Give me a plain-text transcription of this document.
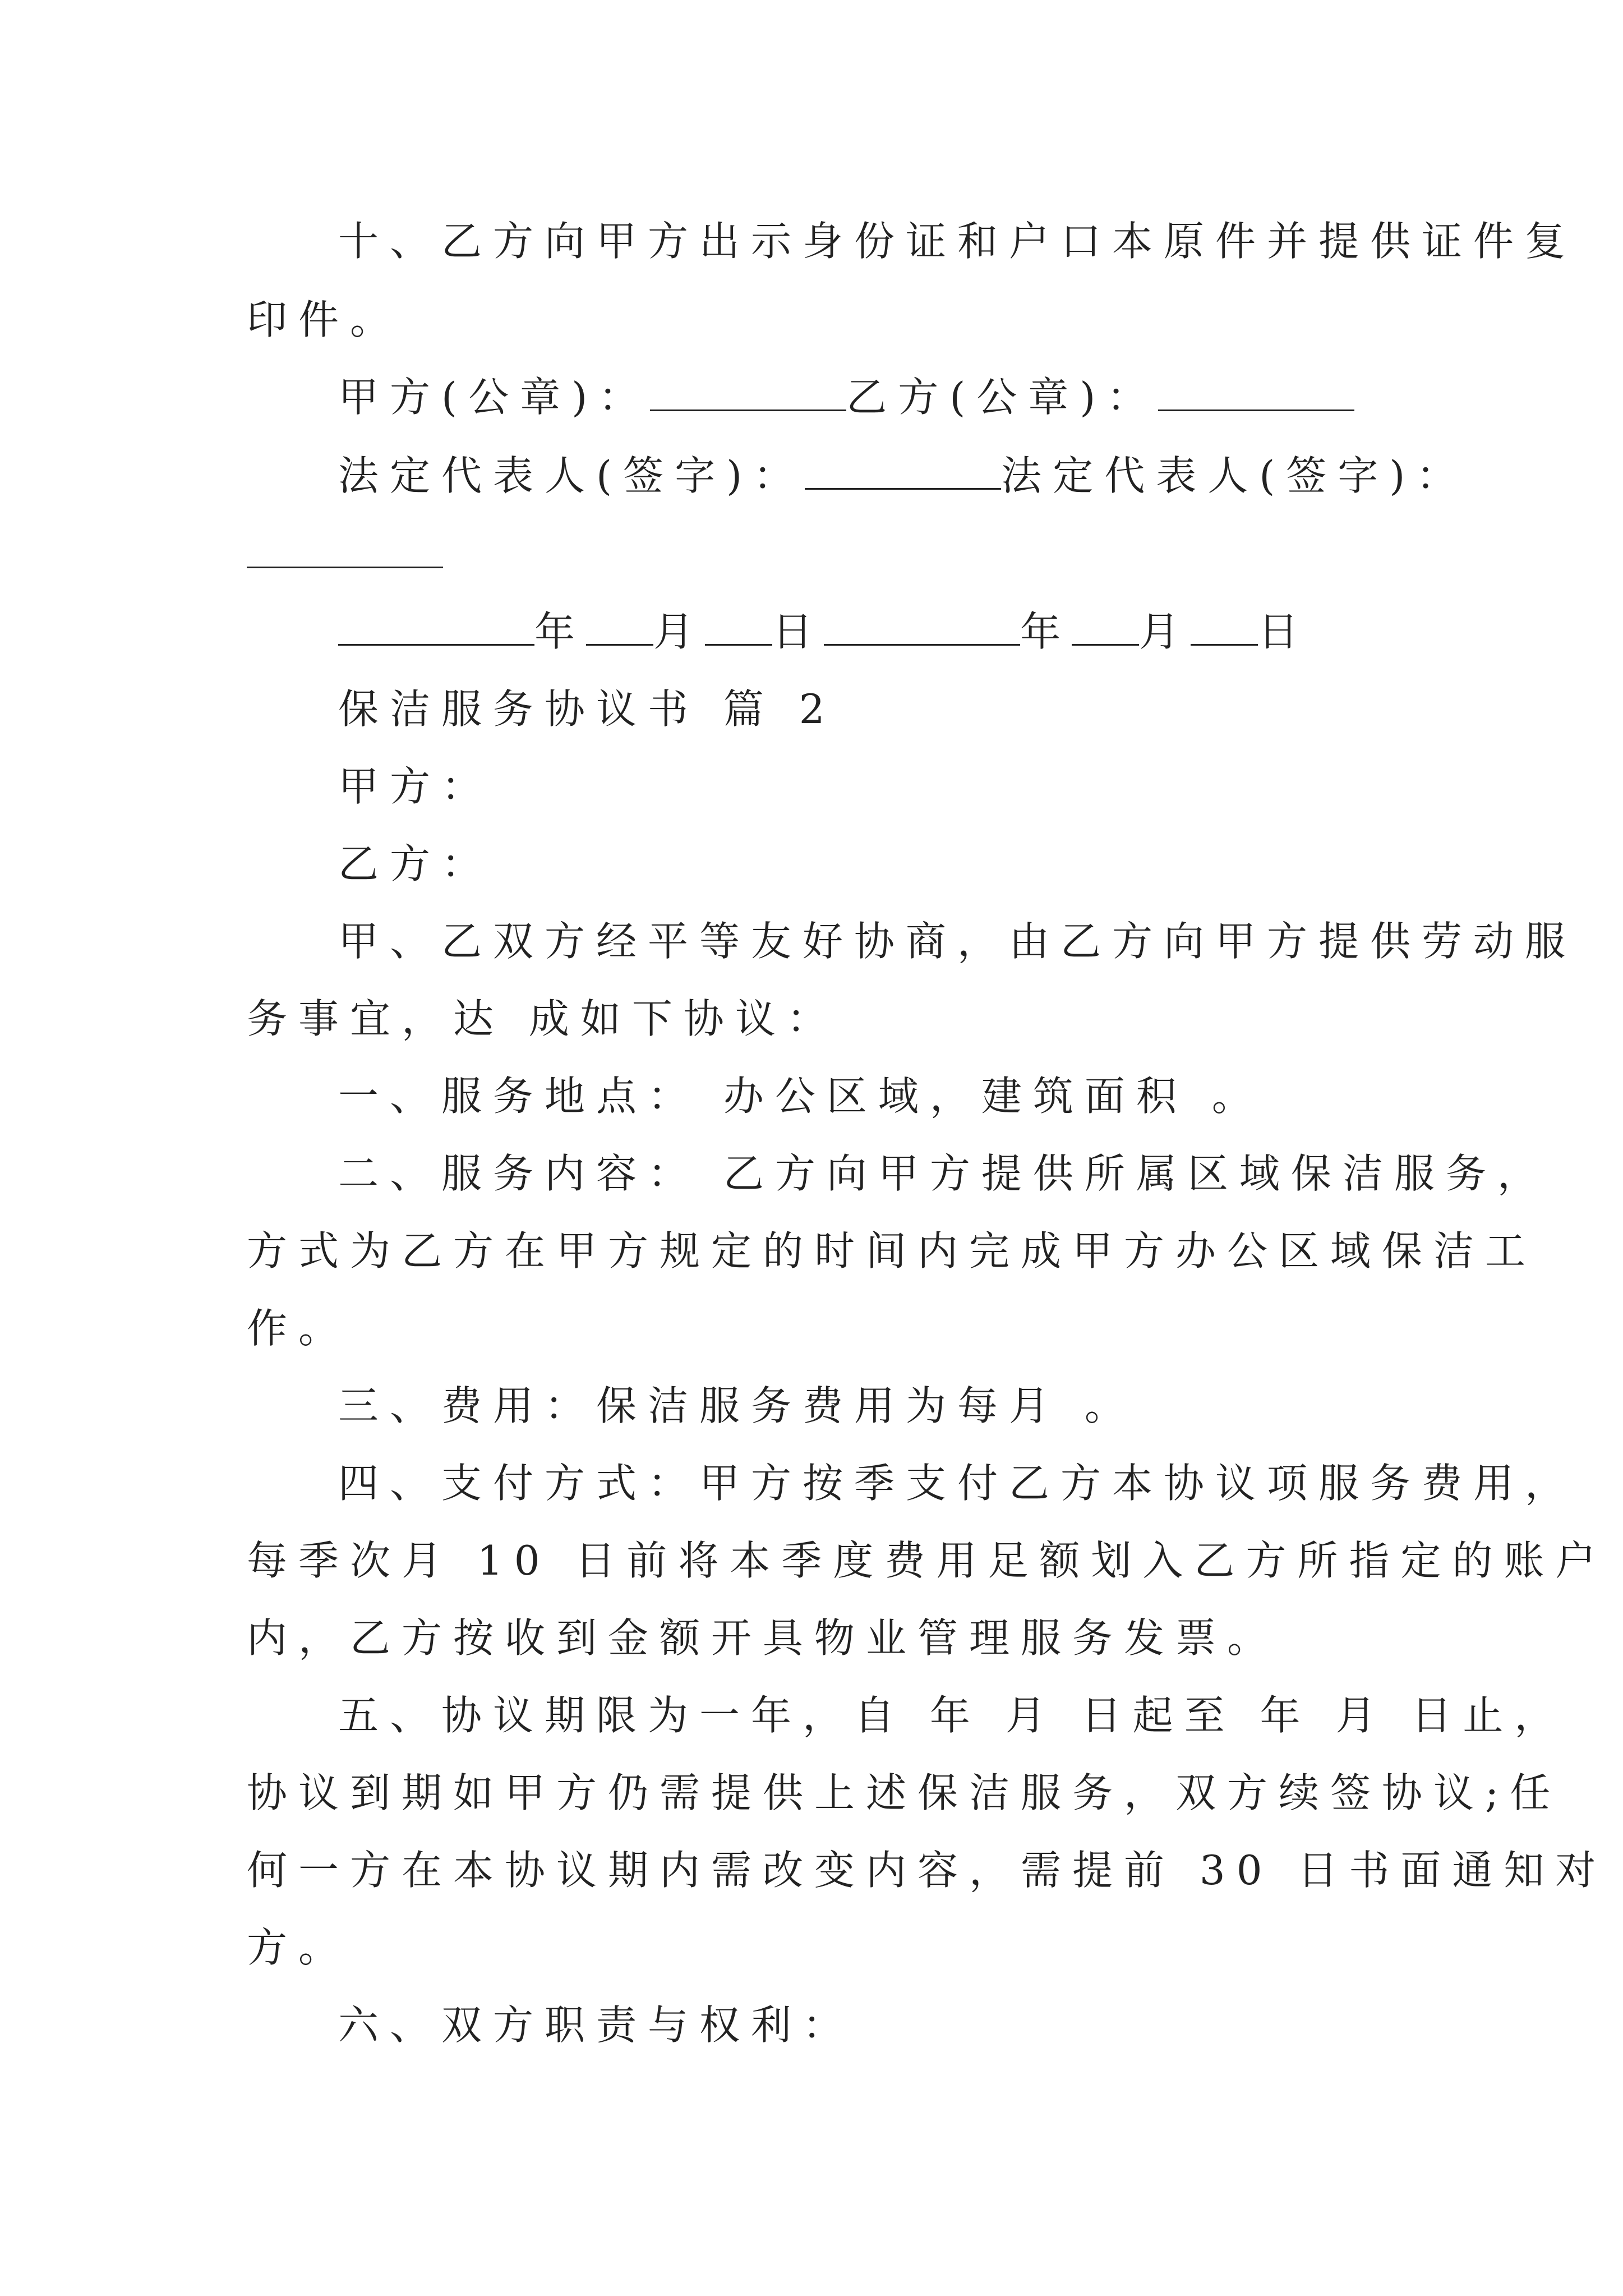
十、乙方向甲方出示身份证和户口本原件并提供证件复
印件。
甲方(公章)：	乙方(公章)：
法定代表人(签字)：	法定代表人(签字)：
年 月 日	年 月 日
保洁服务协议书 篇 2
甲方：
乙方：
甲、乙双方经平等友好协商，由乙方向甲方提供劳动服
务事宜，达 成如下协议：
一、服务地点： 办公区域，建筑面积 。
二、服务内容： 乙方向甲方提供所属区域保洁服务，
方式为乙方在甲方规定的时间内完成甲方办公区域保洁工
作。
三、费用：保洁服务费用为每月 。
四、支付方式：甲方按季支付乙方本协议项服务费用，
每季次月 10 日前将本季度费用足额划入乙方所指定的账户
内，乙方按收到金额开具物业管理服务发票。
五、协议期限为一年，自 年 月 日起至 年 月 日止，
协议到期如甲方仍需提供上述保洁服务，双方续签协议;任
何一方在本协议期内需改变内容，需提前 30 日书面通知对
方。
六、双方职责与权利：
